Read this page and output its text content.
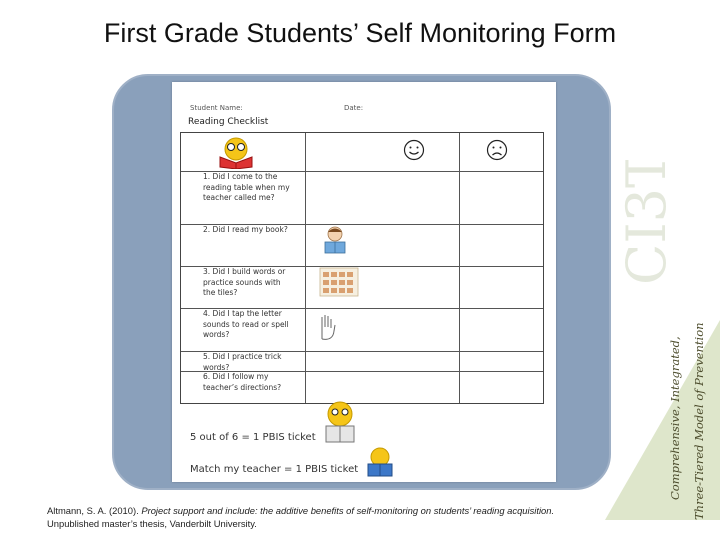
First Grade Students’ Self Monitoring Form
Student Name:	Date:
Reading Checklist
1. Did I come to the reading table when my teacher called me?
2. Did I read my book?
3. Did I build words or practice sounds with the tiles?
4. Did I tap the letter sounds to read or spell words?
5. Did I practice trick words?
6. Did I follow my teacher’s directions?
5 out of 6 = 1 PBIS ticket
Match my teacher = 1 PBIS ticket
CI3T
Comprehensive, Integrated, Three-Tiered Model of Prevention
Altmann, S. A. (2010). Project support and include: the additive benefits of self-monitoring on students’ reading acquisition.
Unpublished master’s thesis, Vanderbilt University.
